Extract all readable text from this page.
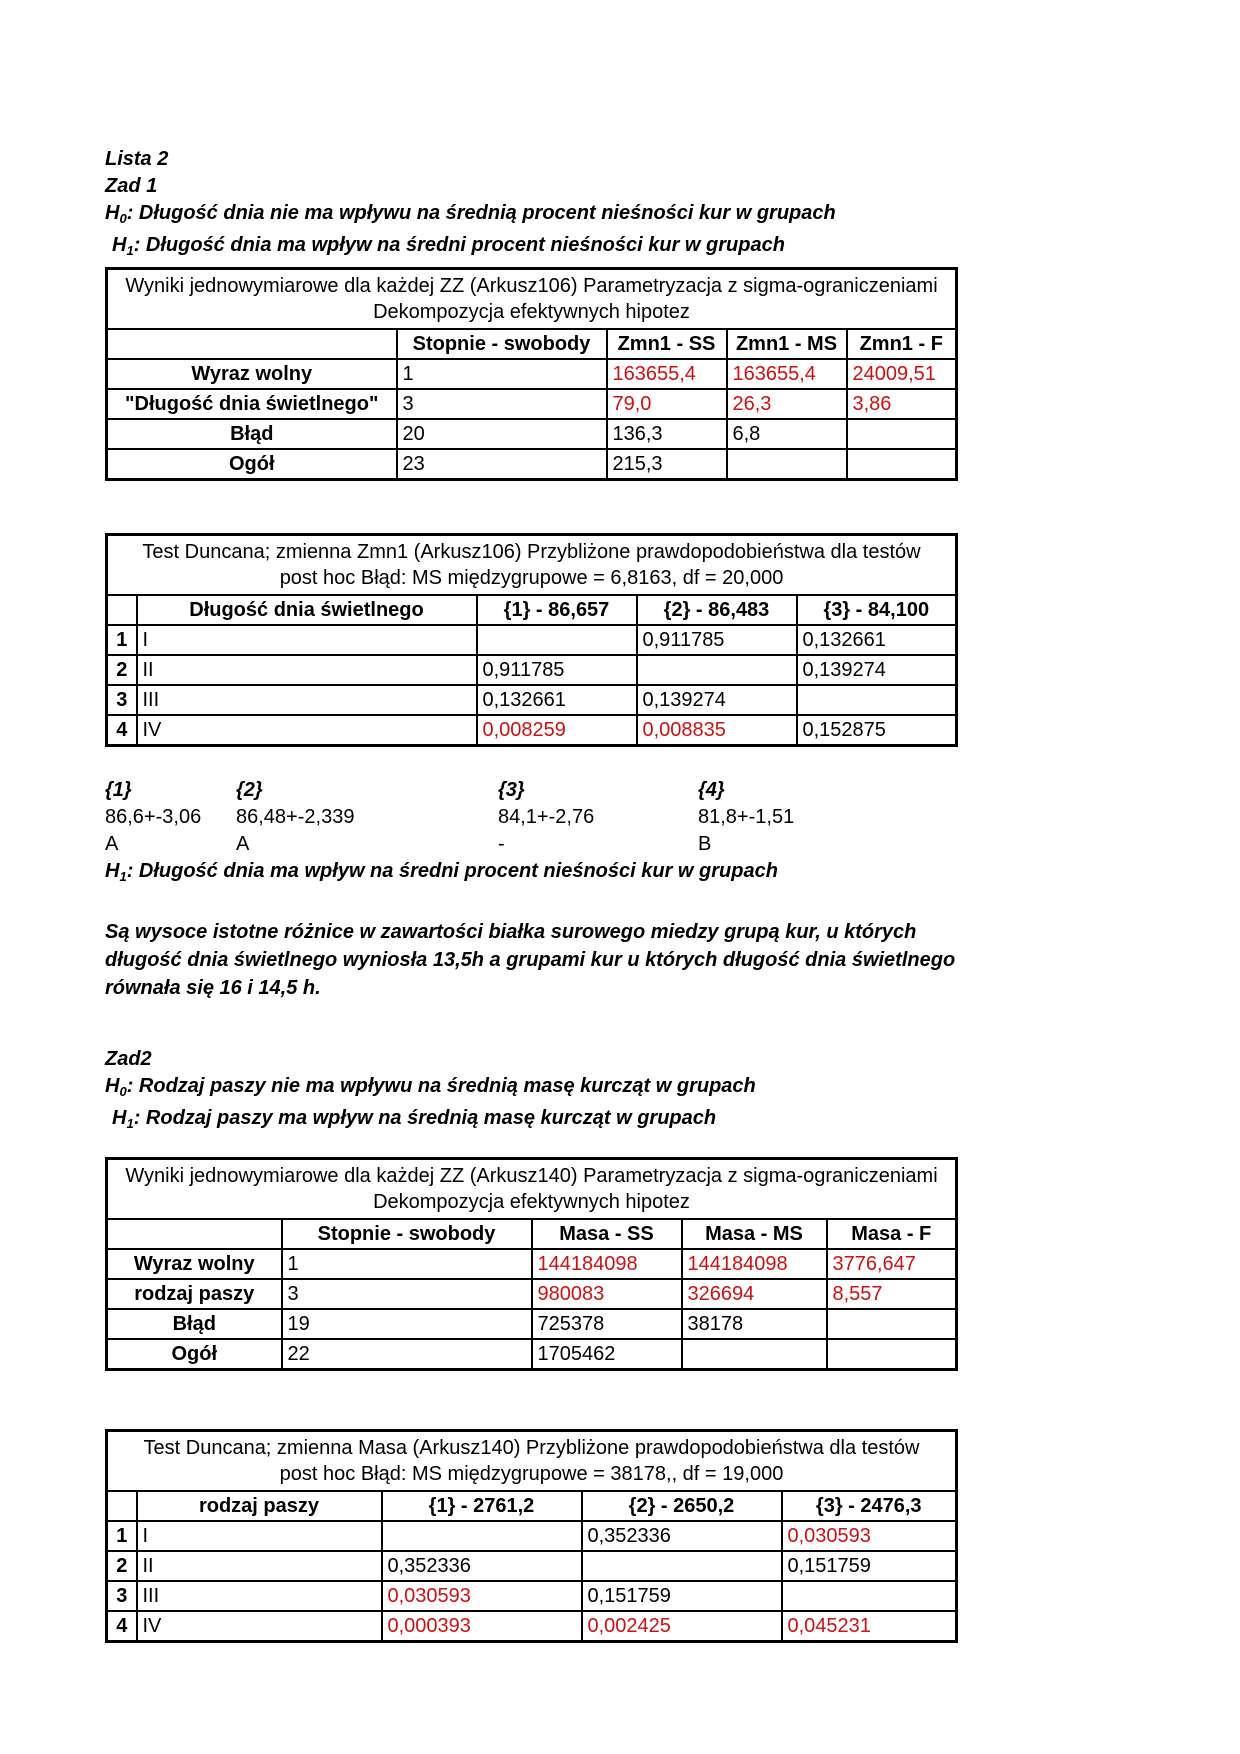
Lista 2
Zad 1
$H_0$: Długość dnia nie ma wpływu na średnią procent nieśności kur w grupach
$H_1$: Długość dnia ma wpływ na średni procent nieśności kur w grupach
Wyniki jednowymiarowe dla każdej ZZ (Arkusz106) Parametryzacja z sigma-ograniczeniami Dekompozycja efektywnych hipotez				
	Stopnie - swobody	Zmn1 - SS	Zmn1 - MS	Zmn1 - F
Wyraz wolny	1	163655,4	163655,4	24009,51
"Długość dnia świetlnego"	3	79,0	26,3	3,86
Błąd	20	136,3	6,8	
Ogół	23	215,3		
Test Duncana; zmienna Zmn1 (Arkusz106) Przybliżone prawdopodobieństwa dla testów post hoc Błąd: MS międzygrupowe = 6,8163, df = 20,000				
	Długość dnia świetlnego	{1} - 86,657	{2} - 86,483	{3} - 84,100
1	I		0,911785	0,132661
2	II	0,911785		0,139274
3	III	0,132661	0,139274	
4	IV	0,008259	0,008835	0,152875
{1}	{2}	{3}	{4}
86,6+-3,06	86,48+-2,339	84,1+-2,76	81,8+-1,51
A	A	-	B
$H_1$: Długość dnia ma wpływ na średni procent nieśności kur w grupach
Są wysoce istotne różnice w zawartości białka surowego miedzy grupą kur, u których długość dnia świetlnego wyniosła 13,5h a grupami kur u których długość dnia świetlnego równała się 16 i 14,5 h.
Zad2
$H_0$: Rodzaj paszy nie ma wpływu na średnią masę kurcząt w grupach
$H_1$: Rodzaj paszy ma wpływ na średnią masę kurcząt w grupach
Wyniki jednowymiarowe dla każdej ZZ (Arkusz140) Parametryzacja z sigma-ograniczeniami Dekompozycja efektywnych hipotez				
	Stopnie - swobody	Masa - SS	Masa - MS	Masa - F
Wyraz wolny	1	144184098	144184098	3776,647
rodzaj paszy	3	980083	326694	8,557
Błąd	19	725378	38178	
Ogół	22	1705462		
Test Duncana; zmienna Masa (Arkusz140) Przybliżone prawdopodobieństwa dla testów post hoc Błąd: MS międzygrupowe = 38178,, df = 19,000				
	rodzaj paszy	{1} - 2761,2	{2} - 2650,2	{3} - 2476,3
1	I		0,352336	0,030593
2	II	0,352336		0,151759
3	III	0,030593	0,151759	
4	IV	0,000393	0,002425	0,045231
